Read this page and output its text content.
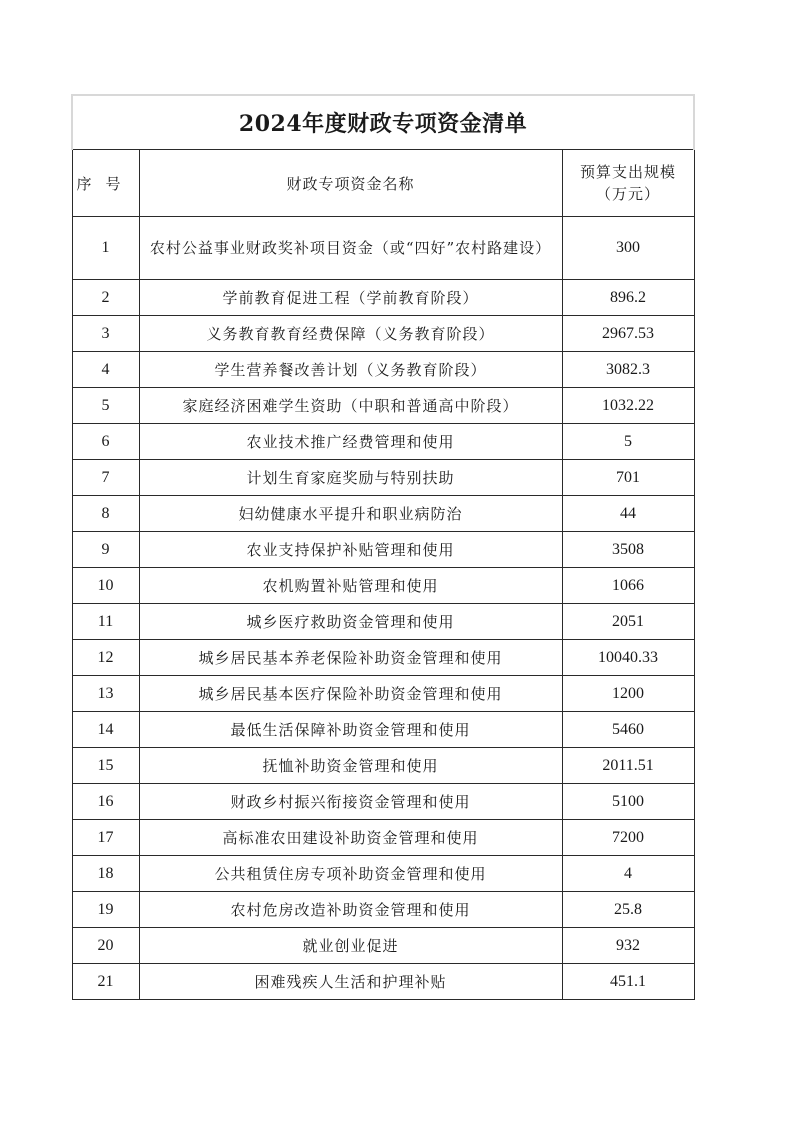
2024年度财政专项资金清单		
序号	财政专项资金名称	预算支出规模
（万元）

1	农村公益事业财政奖补项目资金（或“四好”农村路建设）	300
2	学前教育促进工程（学前教育阶段）	896.2
3	义务教育教育经费保障（义务教育阶段）	2967.53
4	学生营养餐改善计划（义务教育阶段）	3082.3
5	家庭经济困难学生资助（中职和普通高中阶段）	1032.22
6	农业技术推广经费管理和使用	5
7	计划生育家庭奖励与特别扶助	701
8	妇幼健康水平提升和职业病防治	44
9	农业支持保护补贴管理和使用	3508
10	农机购置补贴管理和使用	1066
11	城乡医疗救助资金管理和使用	2051
12	城乡居民基本养老保险补助资金管理和使用	10040.33
13	城乡居民基本医疗保险补助资金管理和使用	1200
14	最低生活保障补助资金管理和使用	5460
15	抚恤补助资金管理和使用	2011.51
16	财政乡村振兴衔接资金管理和使用	5100
17	高标准农田建设补助资金管理和使用	7200
18	公共租赁住房专项补助资金管理和使用	4
19	农村危房改造补助资金管理和使用	25.8
20	就业创业促进	932
21	困难残疾人生活和护理补贴	451.1
